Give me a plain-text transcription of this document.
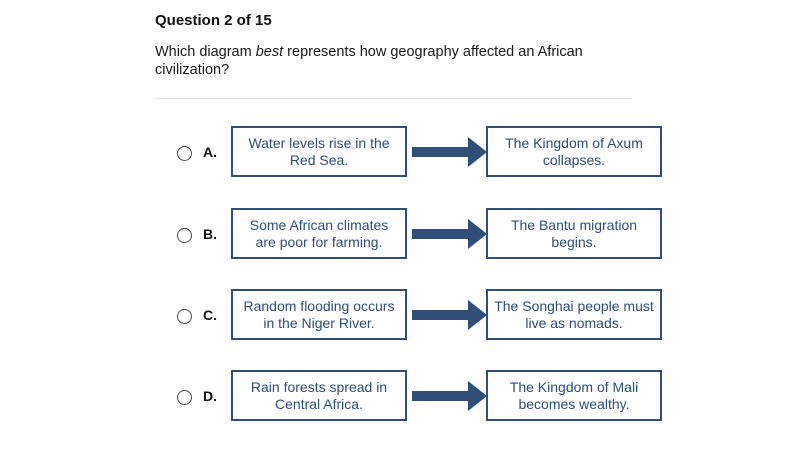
Question 2 of 15
Which diagram best represents how geography affected an African civilization?
A.
Water levels rise in the Red Sea.
The Kingdom of Axum collapses.
B.
Some African climates are poor for farming.
The Bantu migration begins.
C.
Random flooding occurs in the Niger River.
The Songhai people must live as nomads.
D.
Rain forests spread in Central Africa.
The Kingdom of Mali becomes wealthy.
